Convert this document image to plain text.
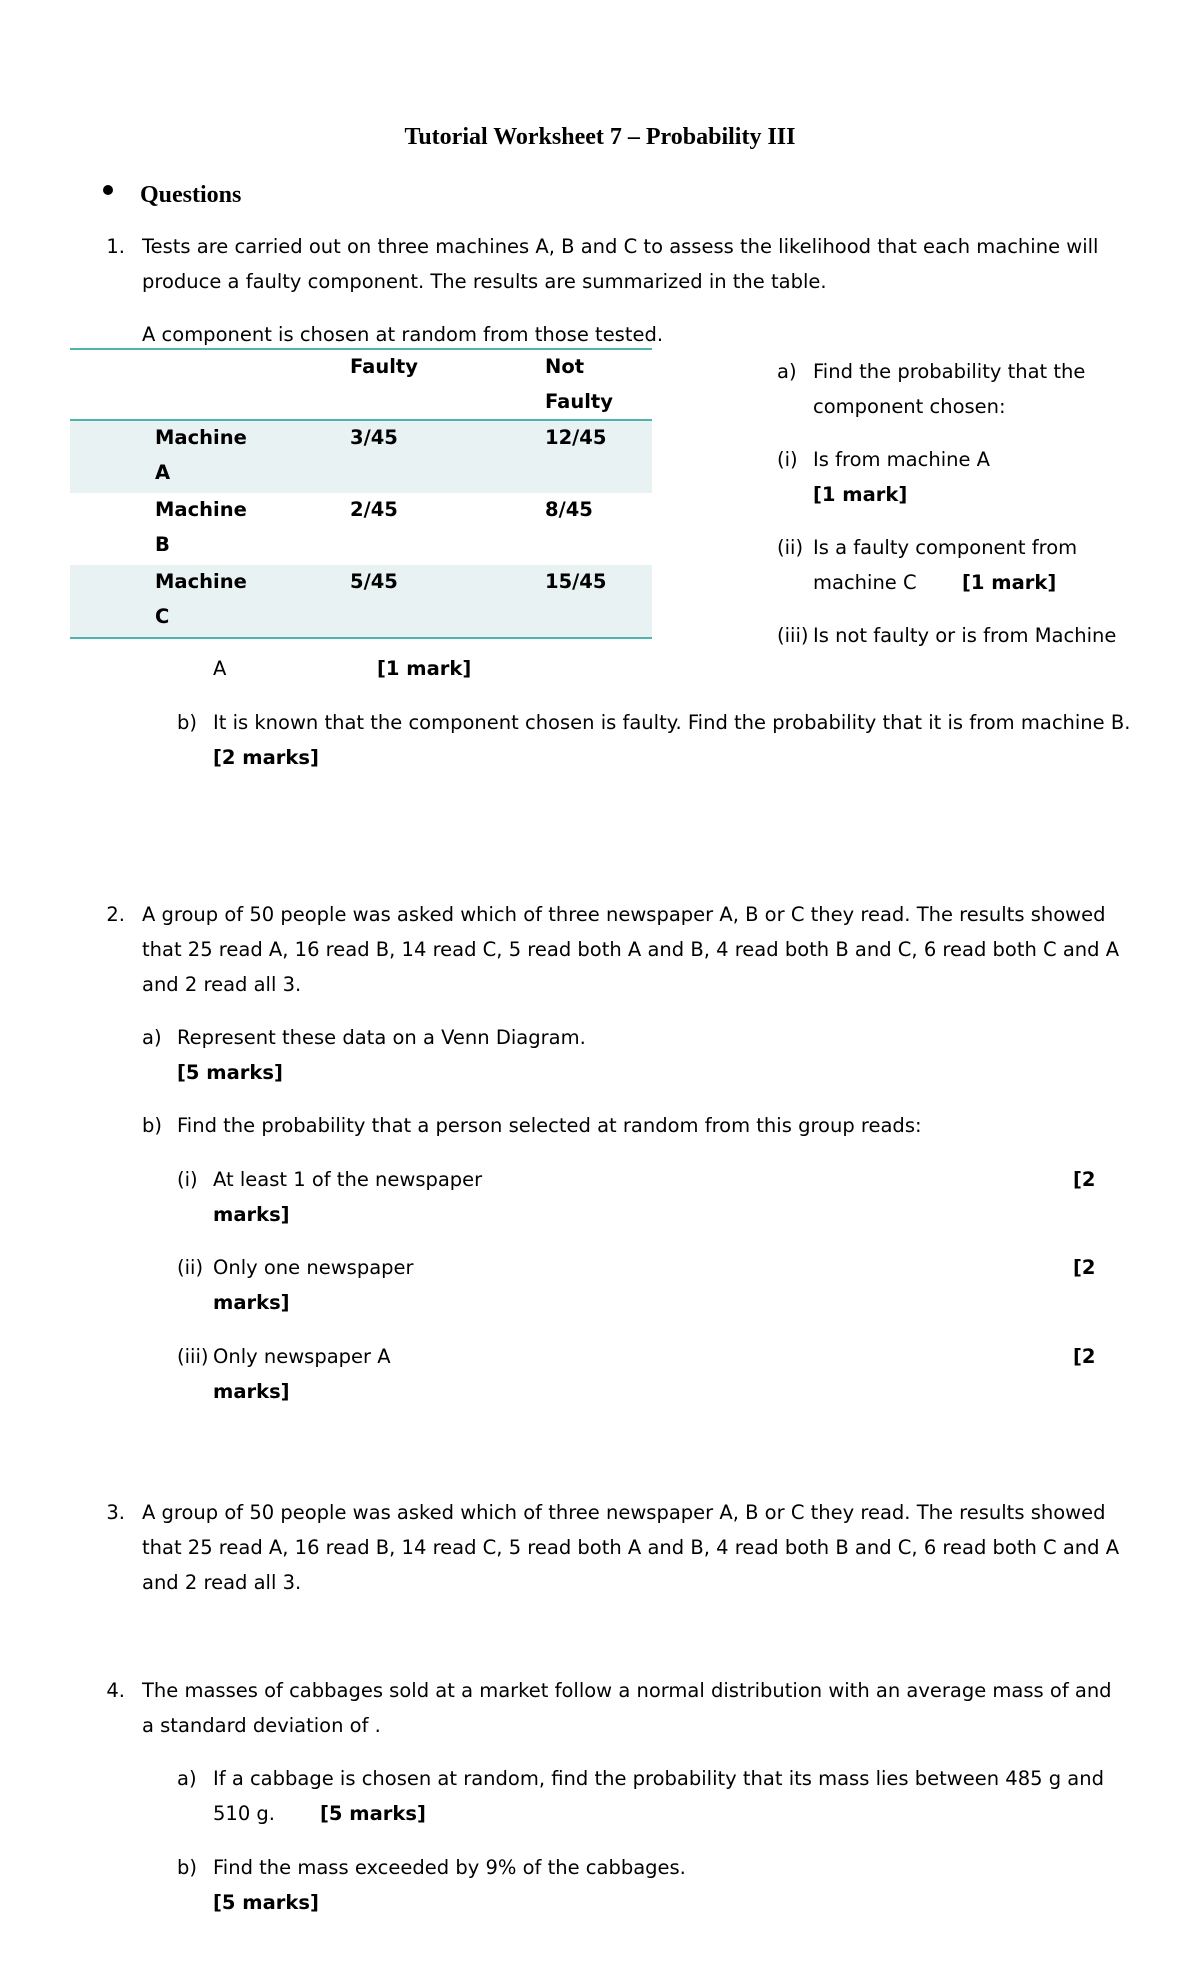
Tutorial Worksheet 7 – Probability III
Questions
1. Tests are carried out on three machines A, B and C to assess the likelihood that each machine will
produce a faulty component. The results are summarized in the table.
A component is chosen at random from those tested.
		Faulty	Not
Faulty
	Machine
A	3/45	12/45
	Machine
B	2/45	8/45
	Machine
C	5/45	15/45
a) Find the probability that the
component chosen:
(i) Is from machine A
[1 mark]
(ii) Is a faulty component from
machine C [1 mark]
(iii) Is not faulty or is from Machine
A	[1 mark]
b) It is known that the component chosen is faulty. Find the probability that it is from machine B.
[2 marks]
2. A group of 50 people was asked which of three newspaper A, B or C they read. The results showed
that 25 read A, 16 read B, 14 read C, 5 read both A and B, 4 read both B and C, 6 read both C and A
and 2 read all 3.
a) Represent these data on a Venn Diagram.
[5 marks]
b) Find the probability that a person selected at random from this group reads:
(i) At least 1 of the newspaper	[2
marks]
(ii) Only one newspaper	[2
marks]
(iii) Only newspaper A	[2
marks]
3. A group of 50 people was asked which of three newspaper A, B or C they read. The results showed
that 25 read A, 16 read B, 14 read C, 5 read both A and B, 4 read both B and C, 6 read both C and A
and 2 read all 3.
4. The masses of cabbages sold at a market follow a normal distribution with an average mass of and
a standard deviation of .
a) If a cabbage is chosen at random, find the probability that its mass lies between 485 g and
510 g. [5 marks]
b) Find the mass exceeded by 9% of the cabbages.
[5 marks]
